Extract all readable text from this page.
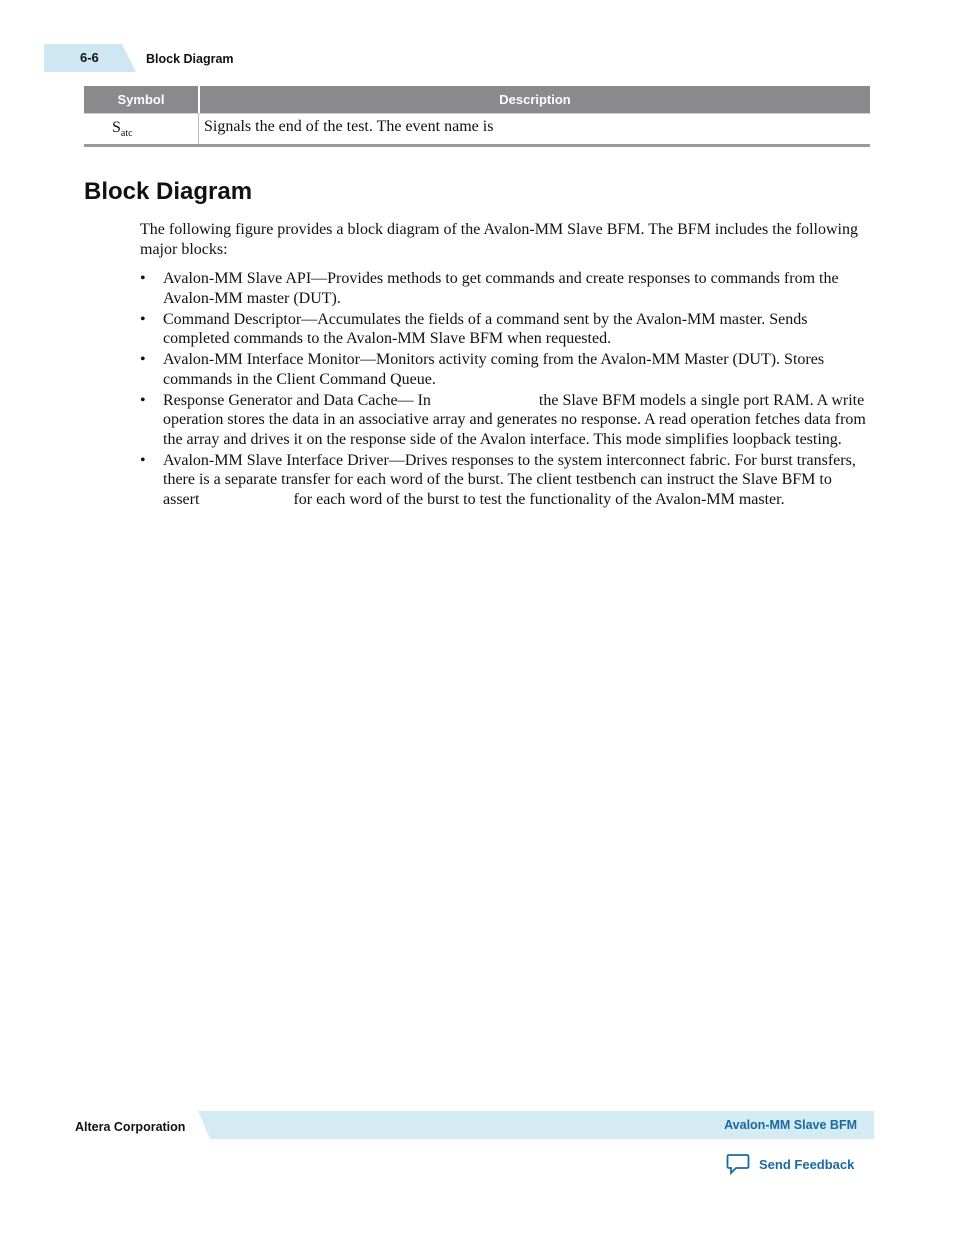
6-6	Block Diagram
Symbol	Description
$S_{atc}$	Signals the end of the test. The event name is
Block Diagram

The following figure provides a block diagram of the Avalon-MM Slave BFM. The BFM includes the following major blocks:

• Avalon-MM Slave API—Provides methods to get commands and create responses to commands from the Avalon-MM master (DUT).
• Command Descriptor—Accumulates the fields of a command sent by the Avalon-MM master. Sends completed commands to the Avalon-MM Slave BFM when requested.
• Avalon-MM Interface Monitor—Monitors activity coming from the Avalon-MM Master (DUT). Stores commands in the Client Command Queue.
• Response Generator and Data Cache— In	the Slave BFM models a single port RAM. A write operation stores the data in an associative array and generates no response. A read operation fetches data from the array and drives it on the response side of the Avalon interface. This mode simplifies loopback testing.
• Avalon-MM Slave Interface Driver—Drives responses to the system interconnect fabric. For burst transfers, there is a separate transfer for each word of the burst. The client testbench can instruct the Slave BFM to assert	for each word of the burst to test the functionality of the Avalon-MM master.
Altera Corporation	Avalon-MM Slave BFM
Send Feedback
